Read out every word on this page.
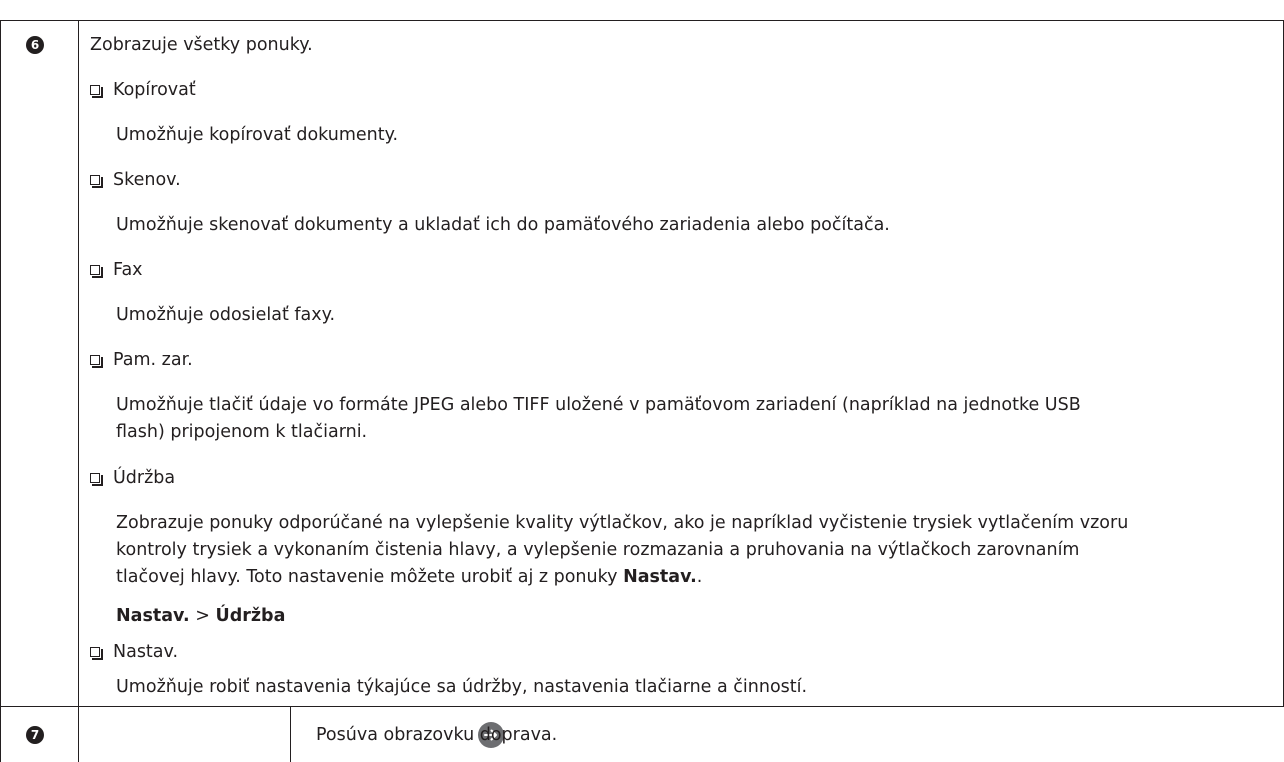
6	Zobrazuje všetky ponuky.
Kopírovať
Umožňuje kopírovať dokumenty.
Skenov.
Umožňuje skenovať dokumenty a ukladať ich do pamäťového zariadenia alebo počítača.
Fax
Umožňuje odosielať faxy.
Pam. zar.
Umožňuje tlačiť údaje vo formáte JPEG alebo TIFF uložené v pamäťovom zariadení (napríklad na jednotke USB
flash) pripojenom k tlačiarni.
Údržba
Zobrazuje ponuky odporúčané na vylepšenie kvality výtlačkov, ako je napríklad vyčistenie trysiek vytlačením vzoru
kontroly trysiek a vykonaním čistenia hlavy, a vylepšenie rozmazania a pruhovania na výtlačkoch zarovnaním
tlačovej hlavy. Toto nastavenie môžete urobiť aj z ponuky Nastav..
Nastav. > Údržba
Nastav.
Umožňuje robiť nastavenia týkajúce sa údržby, nastavenia tlačiarne a činností.
7	Posúva obrazovku doprava.
